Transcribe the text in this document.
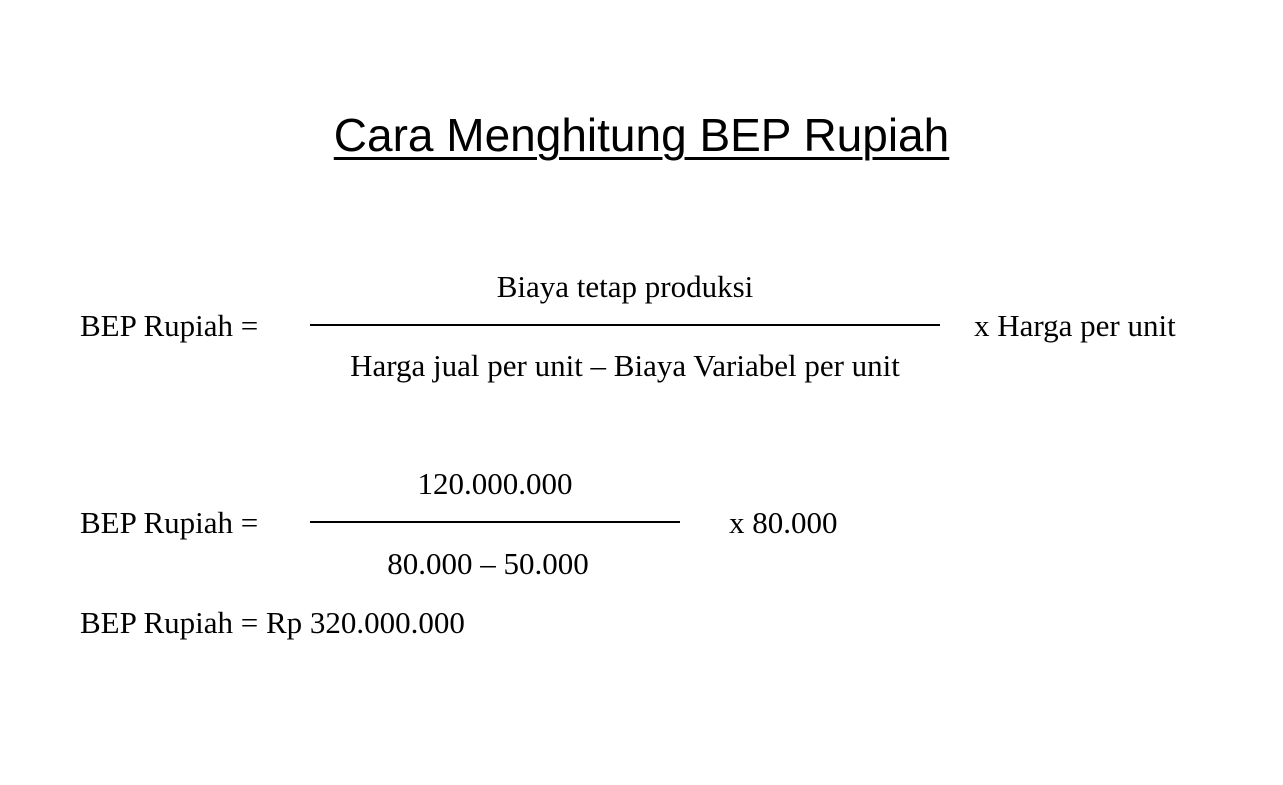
Cara Menghitung BEP Rupiah
BEP Rupiah =
Biaya tetap produksi
Harga jual per unit – Biaya Variabel per unit
x Harga per unit
BEP Rupiah =
120.000.000
80.000 – 50.000
x 80.000
BEP Rupiah = Rp 320.000.000
